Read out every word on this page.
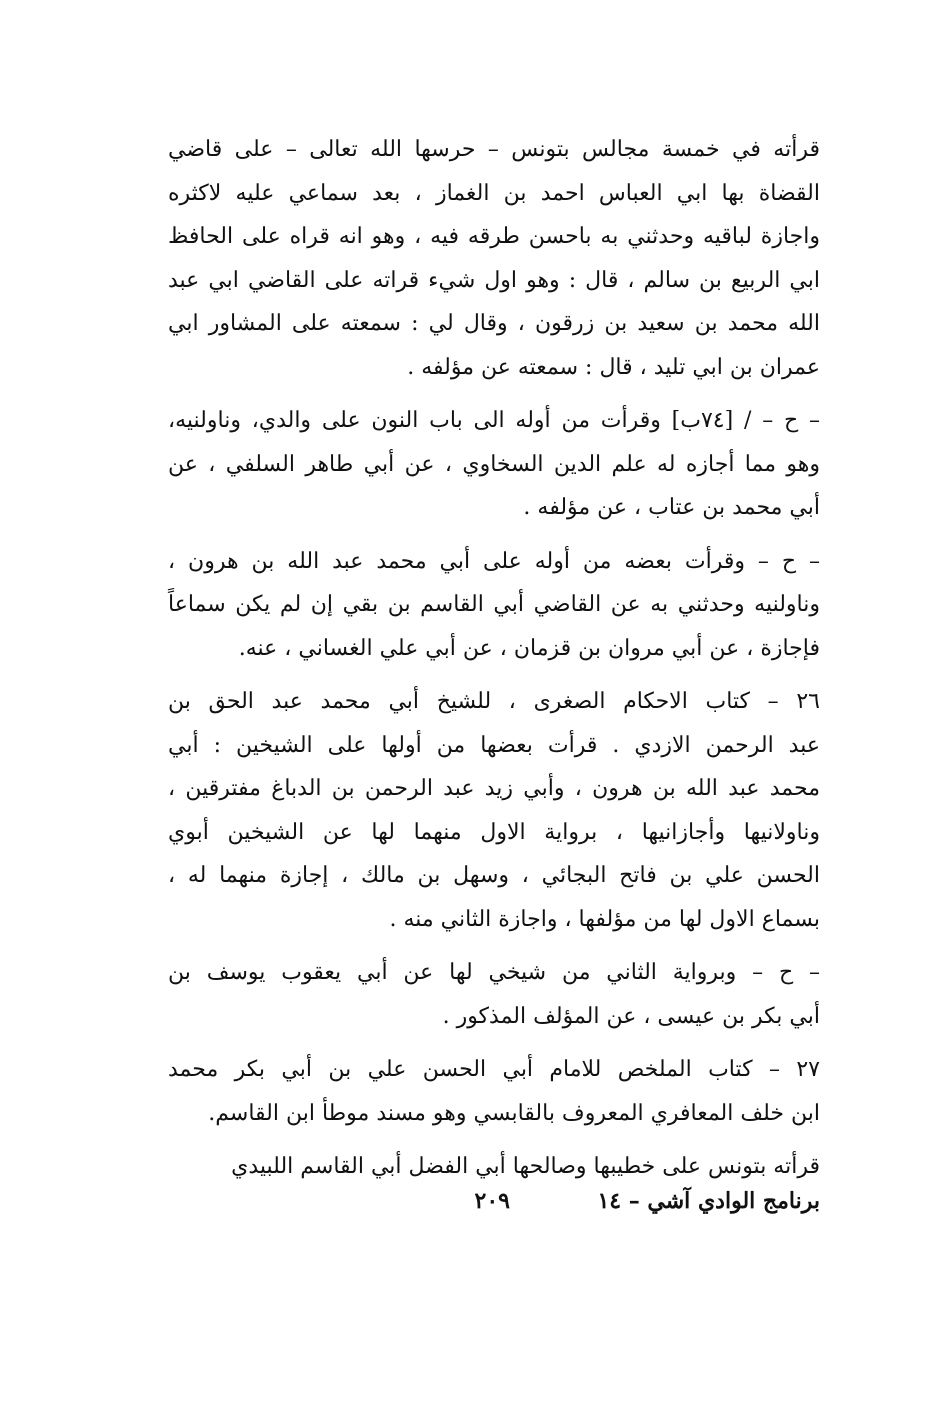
قرأته في خمسة مجالس بتونس – حرسها الله تعالى – على قاضي
القضاة بها ابي العباس احمد بن الغماز ، بعد سماعي عليه لاكثره
واجازة لباقيه وحدثني به باحسن طرقه فيه ، وهو انه قراه على الحافظ
ابي الربيع بن سالم ، قال : وهو اول شيء قراته على القاضي ابي عبد
الله محمد بن سعيد بن زرقون ، وقال لي : سمعته على المشاور ابي
عمران بن ابي تليد ، قال : سمعته عن مؤلفه .
– ح – / [٧٤ب] وقرأت من أوله الى باب النون على والدي، وناولنيه،
وهو مما أجازه له علم الدين السخاوي ، عن أبي طاهر السلفي ، عن
أبي محمد بن عتاب ، عن مؤلفه .
– ح – وقرأت بعضه من أوله على أبي محمد عبد الله بن هرون ،
وناولنيه وحدثني به عن القاضي أبي القاسم بن بقي إن لم يكن سماعاً
فإجازة ، عن أبي مروان بن قزمان ، عن أبي علي الغساني ، عنه.
٢٦ – كتاب الاحكام الصغرى ، للشيخ أبي محمد عبد الحق بن
عبد الرحمن الازدي . قرأت بعضها من أولها على الشيخين : أبي
محمد عبد الله بن هرون ، وأبي زيد عبد الرحمن بن الدباغ مفترقين ،
وناولانيها وأجازانيها ، برواية الاول منهما لها عن الشيخين أبوي
الحسن علي بن فاتح البجائي ، وسهل بن مالك ، إجازة منهما له ،
بسماع الاول لها من مؤلفها ، واجازة الثاني منه .
– ح – وبرواية الثاني من شيخي لها عن أبي يعقوب يوسف بن
أبي بكر بن عيسى ، عن المؤلف المذكور .
٢٧ – كتاب الملخص للامام أبي الحسن علي بن أبي بكر محمد
ابن خلف المعافري المعروف بالقابسي وهو مسند موطأ ابن القاسم.
قرأته بتونس على خطيبها وصالحها أبي الفضل أبي القاسم اللبيدي
برنامج الوادي آشي – ١٤
٢٠٩
